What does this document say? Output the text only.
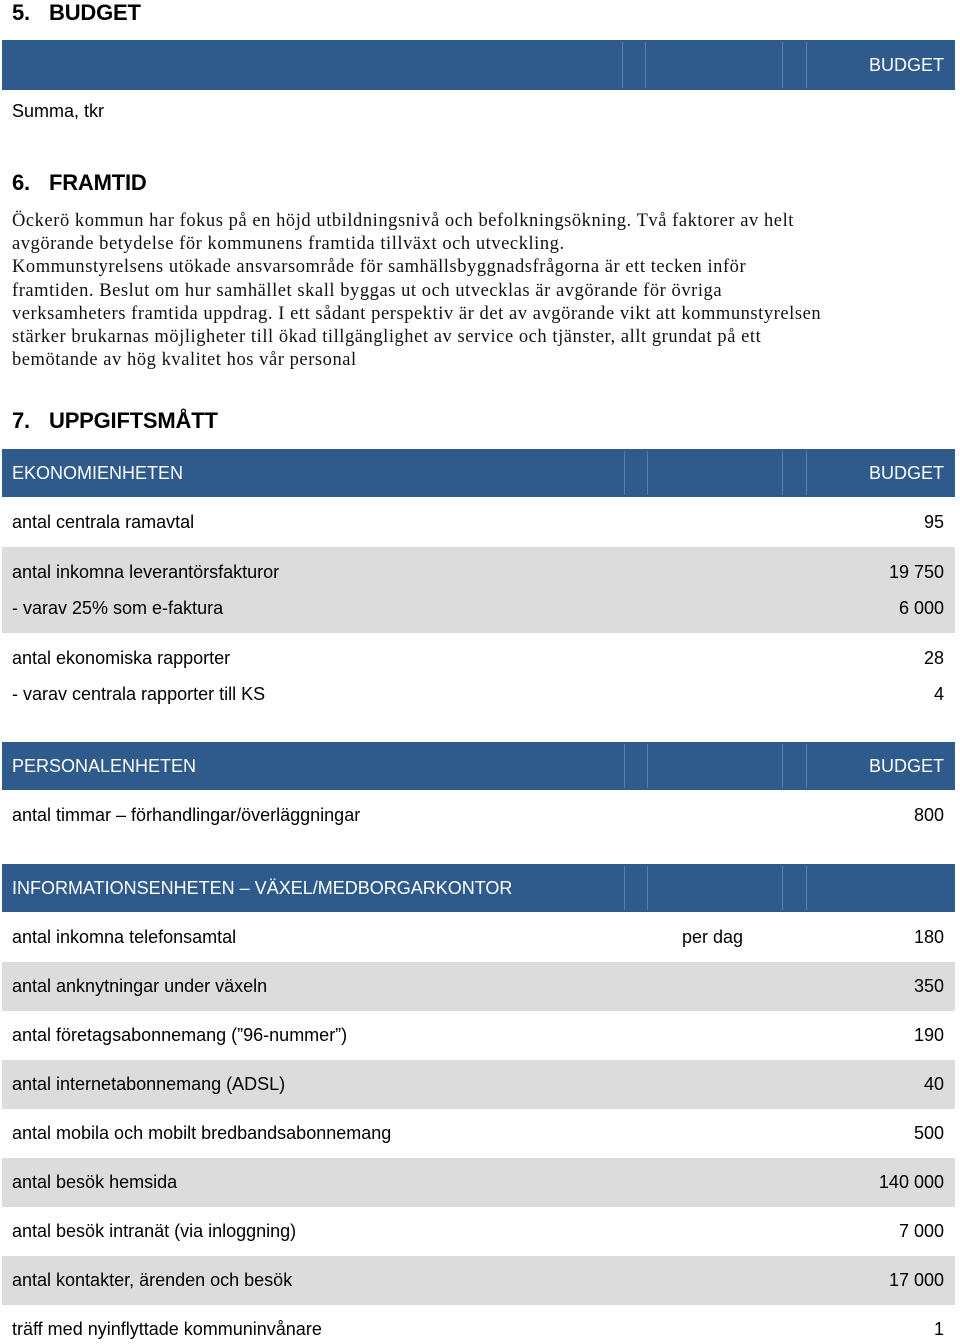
5. BUDGET
BUDGET
Summa, tkr
6. FRAMTID
Öckerö kommun har fokus på en höjd utbildningsnivå och befolkningsökning. Två faktorer av helt
avgörande betydelse för kommunens framtida tillväxt och utveckling.
Kommunstyrelsens utökade ansvarsområde för samhällsbyggnadsfrågorna är ett tecken inför
framtiden. Beslut om hur samhället skall byggas ut och utvecklas är avgörande för övriga
verksamheters framtida uppdrag. I ett sådant perspektiv är det av avgörande vikt att kommunstyrelsen
stärker brukarnas möjligheter till ökad tillgänglighet av service och tjänster, allt grundat på ett
bemötande av hög kvalitet hos vår personal
7. UPPGIFTSMÅTT
EKONOMIENHETEN	BUDGET
antal centrala ramavtal	95
antal inkomna leverantörsfakturor	19 750
- varav 25% som e-faktura	6 000
antal ekonomiska rapporter	28
- varav centrala rapporter till KS	4
PERSONALENHETEN	BUDGET
antal timmar – förhandlingar/överläggningar	800
INFORMATIONSENHETEN – VÄXEL/MEDBORGARKONTOR
antal inkomna telefonsamtal	per dag	180
antal anknytningar under växeln	350
antal företagsabonnemang (”96-nummer”)	190
antal internetabonnemang (ADSL)	40
antal mobila och mobilt bredbandsabonnemang	500
antal besök hemsida	140 000
antal besök intranät (via inloggning)	7 000
antal kontakter, ärenden och besök	17 000
träff med nyinflyttade kommuninvånare	1
